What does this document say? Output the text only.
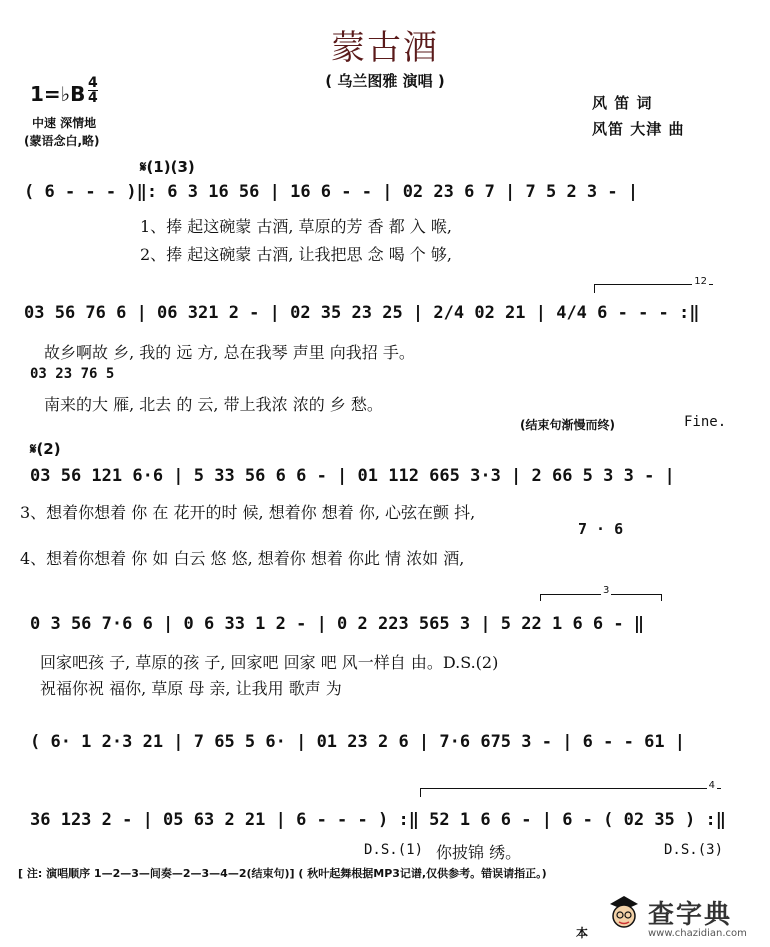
蒙古酒
( 乌兰图雅 演唱 )
1=♭B 4
4
中速 深情地
(蒙语念白,略)
风 笛 词
风笛 大津 曲
𝄋(1)(3)
( 6 - - - )‖: 6 3 16 56 | 16 6 - - | 02 23 6 7 | 7 5 2 3 - |
1、捧 起这碗蒙 古酒, 草原的芳 香 都 入 喉,
2、捧 起这碗蒙 古酒, 让我把思 念 喝 个 够,
12
03 56 76 6 | 06 321 2 - | 02 35 23 25 | 2/4 02 21 | 4/4 6 - - - :‖
故乡啊故 乡, 我的 远 方, 总在我琴 声里 向我招 手。
03 23 76 5
南来的大 雁, 北去 的 云, 带上我浓 浓的 乡 愁。
(结束句渐慢而终)	Fine.
𝄋(2)
03 56 121 6·6 | 5 33 56 6 6 - | 01 112 665 3·3 | 2 66 5 3 3 - |
3、想着你想着 你 在 花开的时 候, 想着你 想着 你, 心弦在颤 抖,
7 · 6
4、想着你想着 你 如 白云 悠 悠, 想着你 想着 你此 情 浓如 酒,
3
0 3 56 7·6 6 | 0 6 33 1 2 - | 0 2 223 565 3 | 5 22 1 6 6 - ‖
回家吧孩 子, 草原的孩 子, 回家吧 回家 吧 风一样自 由。D.S.(2)
祝福你祝 福你, 草原 母 亲, 让我用 歌声 为
( 6· 1 2·3 21 | 7 65 5 6· | 01 23 2 6 | 7·6 675 3 - | 6 - - 61 |
4
36 123 2 - | 05 63 2 21 | 6 - - - ) :‖ 52 1 6 6 - | 6 - ( 02 35 ) :‖
D.S.(1) 你披锦 绣。	D.S.(3)
[ 注: 演唱顺序 1—2—3—间奏—2—3—4—2(结束句)] ( 秋叶起舞根据MP3记谱,仅供参考。错误请指正。)
本
查字典
www.chazidian.com
